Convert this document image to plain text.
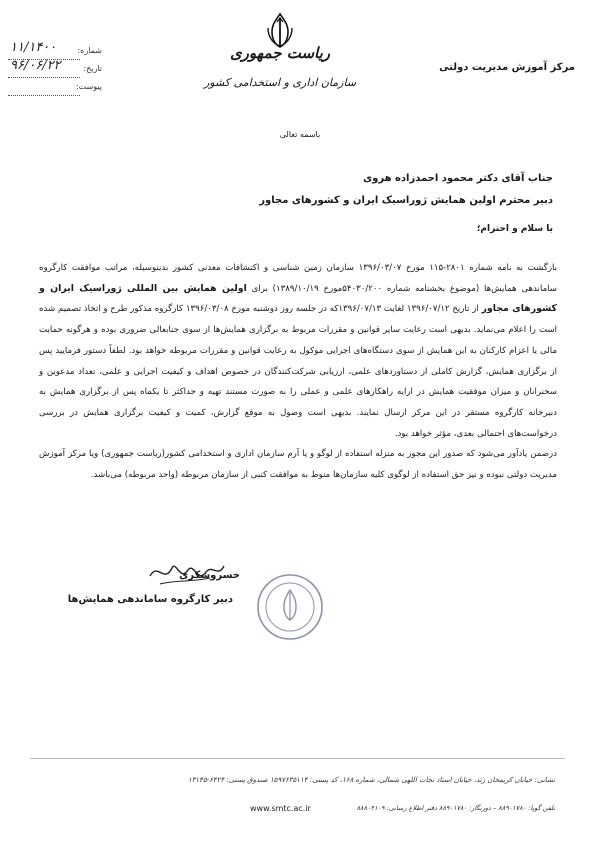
ریاست جمهوری
سازمان اداری و استخدامی کشور
مرکز آموزش مدیریت دولتی
۱۱/۱۴۰۰	شماره:
۹۶/۰۶/۲۲	تاریخ:
پیوست:
باسمه تعالی
جناب آقای دکتر محمود احمدزاده هروی
دبیر محترم اولین همایش ژوراسیک ایران و کشورهای مجاور
با سلام و احترام؛

بازگشت به نامه شماره ۲۸۰۱-۱۱۵ مورخ ۱۳۹۶/۰۳/۰۷ سازمان زمین شناسی و اکتشافات معدنی کشور بدینوسیله، مراتب موافقت کارگروه ساماندهی همایش‌ها (موضوع بخشنامه شماره ۵۴۰۳۰/۲۰۰مورخ ۱۳۸۹/۱۰/۱۹) برای اولین همایش بین المللی ژوراسیک ایران و کشورهای مجاور از تاریخ ۱۳۹۶/۰۷/۱۲ لغایت ۱۳۹۶/۰۷/۱۳که در جلسه روز دوشنبه مورخ ۱۳۹۶/۰۳/۰۸ کارگروه مذکور طرح و اتخاذ تصمیم شده است را اعلام می‌نماید. بدیهی است رعایت سایر قوانین و مقررات مربوط به برگزاری همایش‌ها از سوی جنابعالی ضروری بوده و هرگونه حمایت مالی یا اعزام کارکنان به این همایش از سوی دستگاه‌های اجرایی موکول به رعایت قوانین و مقررات مربوطه خواهد بود. لطفاً دستور فرمایید پس از برگزاری همایش، گزارش کاملی از دستاوردهای علمی، ارزیابی شرکت‌کنندگان در خصوص اهداف و کیفیت اجرایی و علمی، تعداد مدعوین و سخنرانان و میزان موفقیت همایش در ارایه راهکارهای علمی و عملی را به صورت مستند تهیه و حداکثر تا یکماه پس از برگزاری همایش به دبیرخانه کارگروه مستقر در این مرکز ارسال نمایند. بدیهی است وصول به موقع گزارش، کمیت و کیفیت برگزاری همایش در بررسی درخواست‌های احتمالی بعدی، مؤثر خواهد بود.

درضمن یادآور می‌شود که صدور این مجوز به منزله استفاده از لوگو و یا آرم سازمان اداری و استخدامی کشور(ریاست جمهوری) ویا مرکز آموزش مدیریت دولتی نبوده و نیز حق استفاده از لوگوی کلیه سازمان‌ها منوط به موافقت کتبی از سازمان مربوطه (واحد مربوطه) می‌باشد.

خسروشکری
دبیر کارگروه ساماندهی همایش‌ها
نشانی: خیابان کریمخان زند، خیابان استاد نجات اللهی شمالی، شماره ۱۶۸، کد پستی: ۱۵۹۷۶۳۵۱۱۴ صندوق پستی: ۶۴۲۴-۱۳۱۴۵
www.smtc.ac.ir	تلفن گویا: ۸۸۹۰۱۷۸۰ – دورنگار: ۸۸۹۰۱۷۸۰ دفتر اطلاع رسانی: ۸۸۸۰۴۱۰۹
